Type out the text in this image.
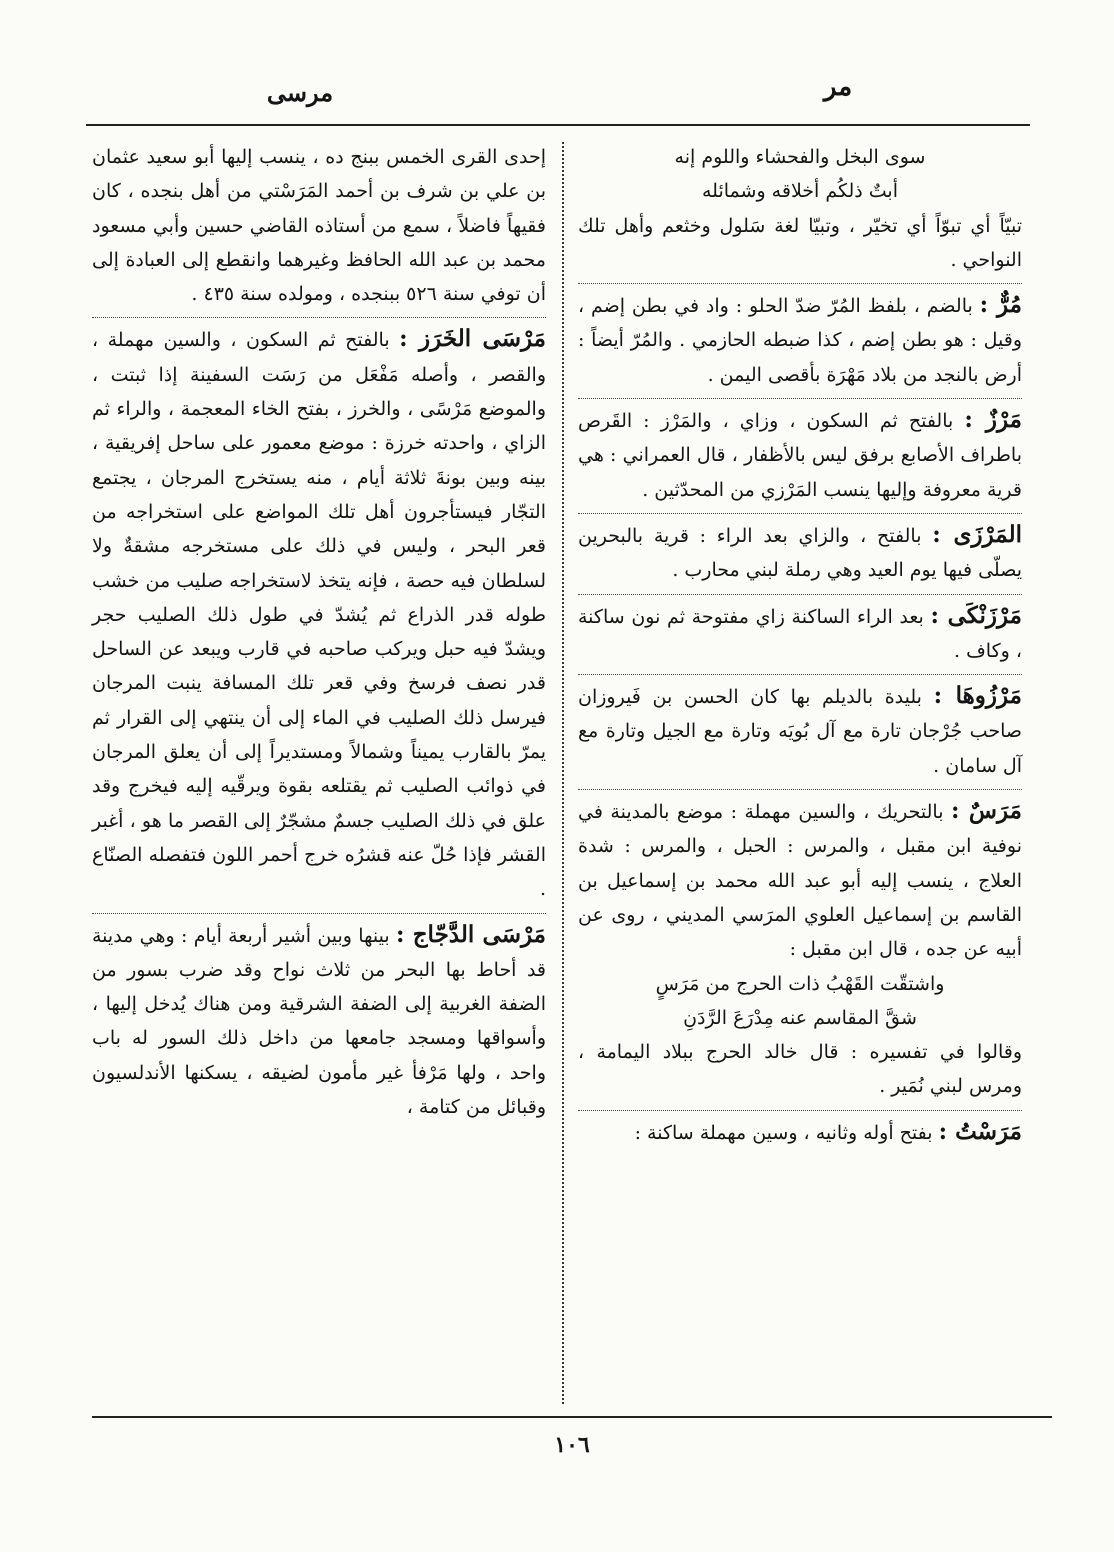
مر
مرسى

سوى البخل والفحشاء واللوم إنه

أبتٌ ذلكُم أخلاقه وشمائله

تبيّاً أي تبوّاً أي تخيّر ، وتبيّا لغة سَلول وخثعم وأهل تلك النواحي .

مُرٌّ : بالضم ، بلفظ المُرّ ضدّ الحلو : واد في بطن إضم ، وقيل : هو بطن إضم ، كذا ضبطه الحازمي . والمُرّ أيضاً : أرض بالنجد من بلاد مَهْرَة بأقصى اليمن .

مَرْزٌ : بالفتح ثم السكون ، وزاي ، والمَرْز : القَرص باطراف الأصابع برفق ليس بالأظفار ، قال العمراني : هي قرية معروفة وإليها ينسب المَرْزي من المحدّثين .

المَرْزَى : بالفتح ، والزاي بعد الراء : قرية بالبحرين يصلّى فيها يوم العيد وهي رملة لبني محارب .

مَرْزَنْكَى : بعد الراء الساكنة زاي مفتوحة ثم نون ساكنة ، وكاف .

مَرْزُوهَا : بليدة بالديلم بها كان الحسن بن فَيروزان صاحب جُرْجان تارة مع آل بُويَه وتارة مع الجيل وتارة مع آل سامان .

مَرَسٌ : بالتحريك ، والسين مهملة : موضع بالمدينة في نوفية ابن مقبل ، والمرس : الحبل ، والمرس : شدة العلاج ، ينسب إليه أبو عبد الله محمد بن إسماعيل بن القاسم بن إسماعيل العلوي المرَسي المديني ، روى عن أبيه عن جده ، قال ابن مقبل :

واشتقّت القَهْبُ ذات الحرج من مَرَسٍ

شقَّ المقاسم عنه مِدْرَعَ الرَّدَنِ

وقالوا في تفسيره : قال خالد الحرج ببلاد اليمامة ، ومرس لبني نُمَير .

مَرَسْتُ : بفتح أوله وثانيه ، وسين مهملة ساكنة :

إحدى القرى الخمس ببنج ده ، ينسب إليها أبو سعيد عثمان بن علي بن شرف بن أحمد المَرَسْتي من أهل بنجده ، كان فقيهاً فاضلاً ، سمع من أستاذه القاضي حسين وأبي مسعود محمد بن عبد الله الحافظ وغيرهما وانقطع إلى العبادة إلى أن توفي سنة ٥٢٦ ببنجده ، ومولده سنة ٤٣٥ .

مَرْسَى الخَرَز : بالفتح ثم السكون ، والسين مهملة ، والقصر ، وأصله مَفْعَل من رَسَت السفينة إذا ثبتت ، والموضع مَرْسًى ، والخرز ، بفتح الخاء المعجمة ، والراء ثم الزاي ، واحدته خرزة : موضع معمور على ساحل إفريقية ، بينه وبين بونةَ ثلاثة أيام ، منه يستخرج المرجان ، يجتمع التجّار فيستأجرون أهل تلك المواضع على استخراجه من قعر البحر ، وليس في ذلك على مستخرجه مشقةٌ ولا لسلطان فيه حصة ، فإنه يتخذ لاستخراجه صليب من خشب طوله قدر الذراع ثم يُشدّ في طول ذلك الصليب حجر ويشدّ فيه حبل ويركب صاحبه في قارب ويبعد عن الساحل قدر نصف فرسخ وفي قعر تلك المسافة ينبت المرجان فيرسل ذلك الصليب في الماء إلى أن ينتهي إلى القرار ثم يمرّ بالقارب يميناً وشمالاً ومستديراً إلى أن يعلق المرجان في ذوائب الصليب ثم يقتلعه بقوة ويرقّيه إليه فيخرج وقد علق في ذلك الصليب جسمٌ مشجّرٌ إلى القصر ما هو ، أغبر القشر فإذا حُلّ عنه قشرُه خرج أحمر اللون فتفصله الصنّاع .

مَرْسَى الدَّجّاج : بينها وبين أشير أربعة أيام : وهي مدينة قد أحاط بها البحر من ثلاث نواح وقد ضرب بسور من الضفة الغربية إلى الضفة الشرقية ومن هناك يُدخل إليها ، وأسواقها ومسجد جامعها من داخل ذلك السور له باب واحد ، ولها مَرْفأ غير مأمون لضيقه ، يسكنها الأندلسيون وقبائل من كتامة ،

١٠٦
